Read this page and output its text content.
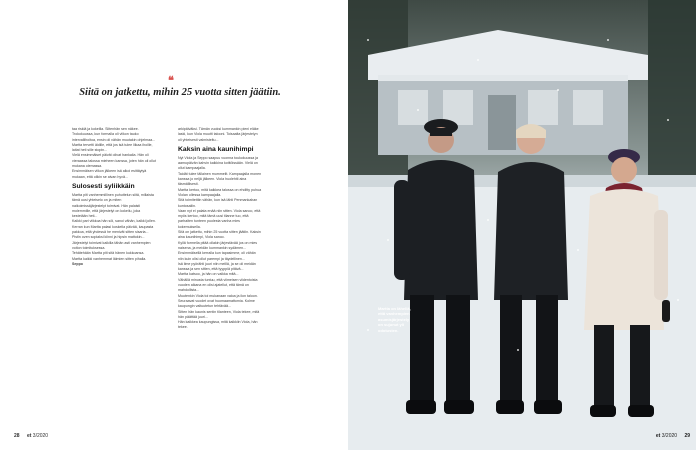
❝
Siitä on jatkettu, mihin 25 vuotta sitten jäätiin.

taa riskiä ja kokeilla. Siitenhän sen näkee.
Trokokuussa, kun formalla oli viikon tauko intervallihoitoa, ensin oli vähän muutakin ohjelmaa...

Martta tervetti äidille, että jos isä tulee liikaa ihoille, laitat heti sille stopin...
Vielä ensimmäiset päivät olivat hankalia. Hän oli vieraassa talossa mieheen kanssa, joten hän oli ollut mukana olemassa.
Ensimmäisen viikon jälkeen isä alkoi esittäytyä mukaan, että olikin se aivan hyvä...

Sulosesti syliikkäin

Martta piti vanhemmillinen puhuttelun siitä, millaista tämä uusi yhteiselo on ja miten naikoimissäjärjestelyt toimivat. Hän palaisti molemmille, että järjestelyt on kokeilu, joka kestetään heti...
Kaikki pari viikkoa hän söi, sanoi vähän, kaikki jollen.
Kerran kun Martta palasi koskella päivää, kaupasta pakkoa, että yhdessä he menivät sitten sisaria...
Pistin oven sopiaksi kiinni ja hipsin mattokin...
Järjestelyt toimivat kaikilla tähän asti vanhempien voiton toimituksessa.
Tehätehään Martta piti sitä hänen kukkoansa.
Martta kaikki vanhemmat läimien sitten pihalla.

Seppo

arkipäiväksi. Tämän vuoksi kummankin pieni eläke laski, kun Viola muutti talooni. Toisaalta järjestelyn oli yhteisesti valmisteltu...

Kaksin aina kaunihimpi

Nyt Viola ja Seppo saapuu vuonna toukokuussa ja aamupäivän kahvin kaikkina kotitöissään. Vielä on ollut kampaajalla.
Taidät tulee tällainen mummelit. Kampaajalla monen kanssa jo neljä jälkeen. Viola huolehtii aina täsmällisesti.
Martta kertoo, mitä kaikkea talossa on ehditty puhua Violan ollessa kampaajalla.
Sitä toimitettiin vähän, kun isä lähti Penmankahan kuntosaliin.
Vaan nyt ei palata enää niin sitten. Viola sanoo, että myös kertoo, mitä tämä uusi tilanne tuo, että parhaiten tunteen puolesta vanha mies kokemuksella.
Sitä on jatkettu, mihin 25 vuotta sitten jäätiin. Kaksin aina kaunihimpi, Viola sanoo.
Kyllä formella pitää ollakin järjestävää jos on mies naisena, ja meidän kummankin sydämen...
Ensimmäisellä kerralla kun tapasimme, oli vähän niin kuin olisi ollut parempi ja täydellinen...
Isä ilme pyörähti juuri niin meillä, ja se oli meidän kanssa ja sen sitten, että tyyppiä pitävä...
Martta katsoo, ja hän on vaikka mitä...
Vähällä minusta tuntuu, että viimeisen viidentoista vuoden aikana en olisi ajatellut, että tämä on mahdollista...
Muutenkin Viola toi mukanaan valoa ja ilon taloon.
Seuraavat vuodet ovat huomaamattomia. Kolme kaupungin valtuutetun tehtävää...
Sitten hän kaunis sentin tilanteen, Viola tekee, mitä hän päättää juuri...
Hän kaikkea kaupungissa, mitä kaikkiin Viola, hän tekee.

28 et 3/2020	et 3/2020 29
Martta on lähellä, että vanhempien asumisjärjestely on sujunut yli odotusten.
